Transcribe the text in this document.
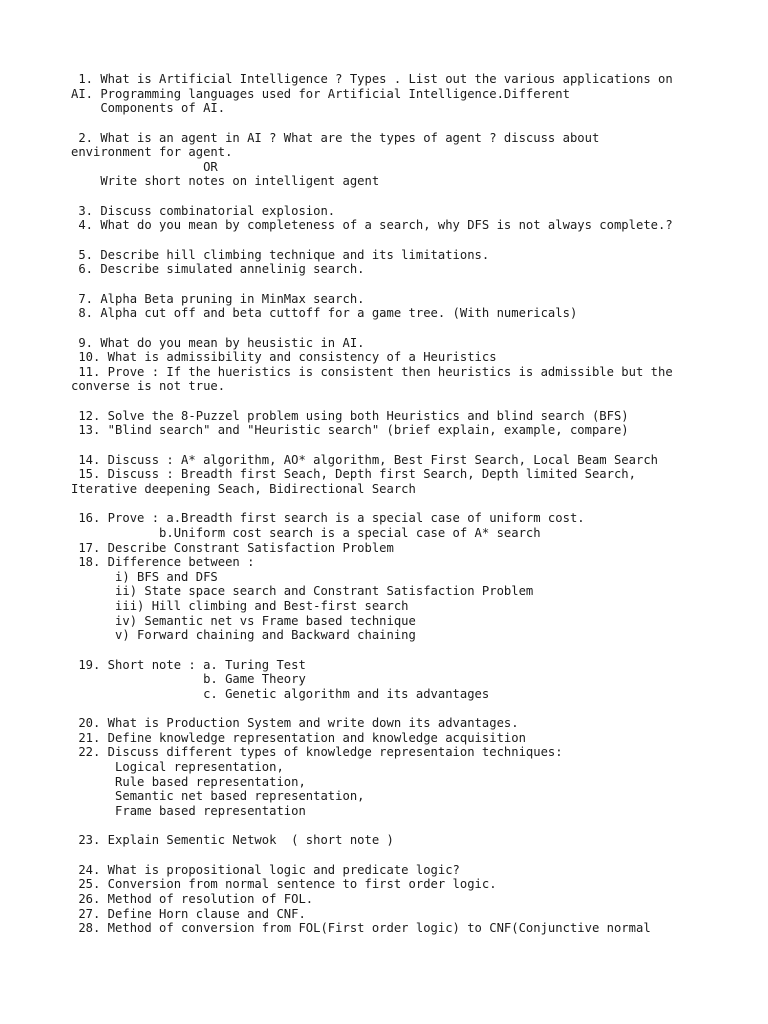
1. What is Artificial Intelligence ? Types . List out the various applications on
AI. Programming languages used for Artificial Intelligence.Different
Components of AI.
2. What is an agent in AI ? What are the types of agent ? discuss about
environment for agent.
OR
Write short notes on intelligent agent
3. Discuss combinatorial explosion.
4. What do you mean by completeness of a search, why DFS is not always complete.?
5. Describe hill climbing technique and its limitations.
6. Describe simulated annelinig search.
7. Alpha Beta pruning in MinMax search.
8. Alpha cut off and beta cuttoff for a game tree. (With numericals)
9. What do you mean by heusistic in AI.
10. What is admissibility and consistency of a Heuristics
11. Prove : If the hueristics is consistent then heuristics is admissible but the
converse is not true.
12. Solve the 8-Puzzel problem using both Heuristics and blind search (BFS)
13. "Blind search" and "Heuristic search" (brief explain, example, compare)
14. Discuss : A* algorithm, AO* algorithm, Best First Search, Local Beam Search
15. Discuss : Breadth first Seach, Depth first Search, Depth limited Search,
Iterative deepening Seach, Bidirectional Search
16. Prove : a.Breadth first search is a special case of uniform cost.
b.Uniform cost search is a special case of A* search
17. Describe Constrant Satisfaction Problem
18. Difference between :
i) BFS and DFS
ii) State space search and Constrant Satisfaction Problem
iii) Hill climbing and Best-first search
iv) Semantic net vs Frame based technique
v) Forward chaining and Backward chaining
19. Short note : a. Turing Test
b. Game Theory
c. Genetic algorithm and its advantages
20. What is Production System and write down its advantages.
21. Define knowledge representation and knowledge acquisition
22. Discuss different types of knowledge representaion techniques:
Logical representation,
Rule based representation,
Semantic net based representation,
Frame based representation
23. Explain Sementic Netwok  ( short note )
24. What is propositional logic and predicate logic?
25. Conversion from normal sentence to first order logic.
26. Method of resolution of FOL.
27. Define Horn clause and CNF.
28. Method of conversion from FOL(First order logic) to CNF(Conjunctive normal
